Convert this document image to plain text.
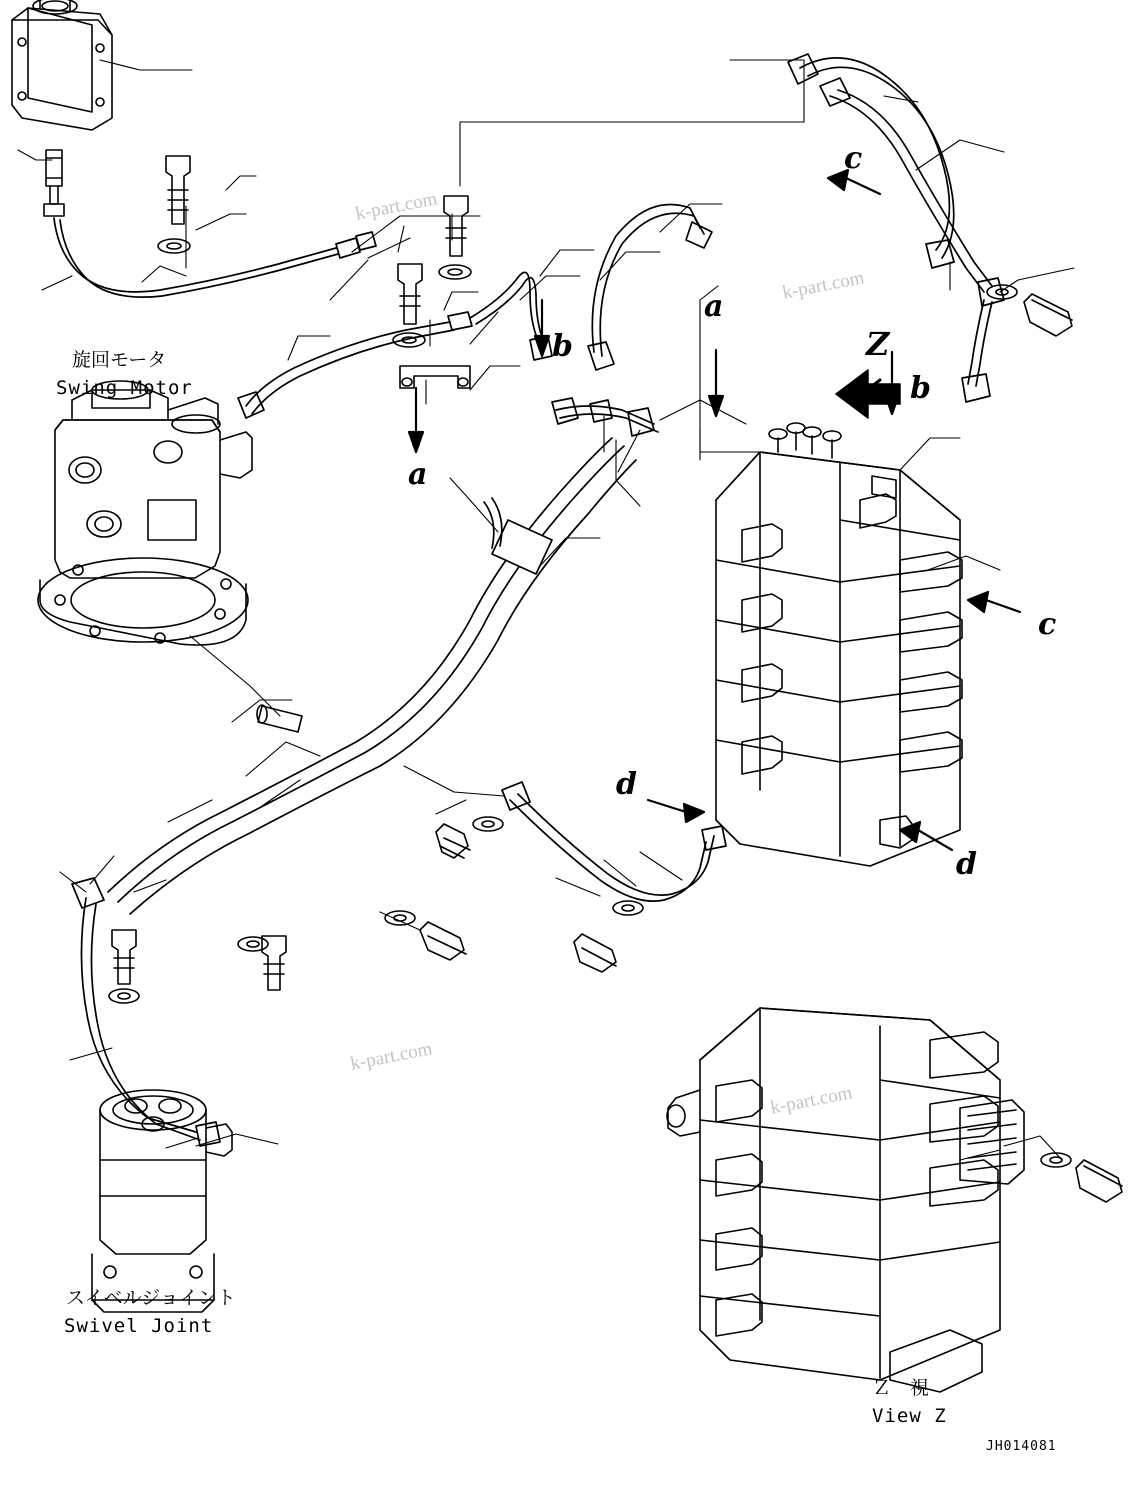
旋回モータ
Swing Motor
スイベルジョイント
Swivel Joint
Ｚ　視
View Z
a
b
a
b
c
c
d
d
Z
k-part.com
k-part.com
k-part.com
k-part.com
JH014081
